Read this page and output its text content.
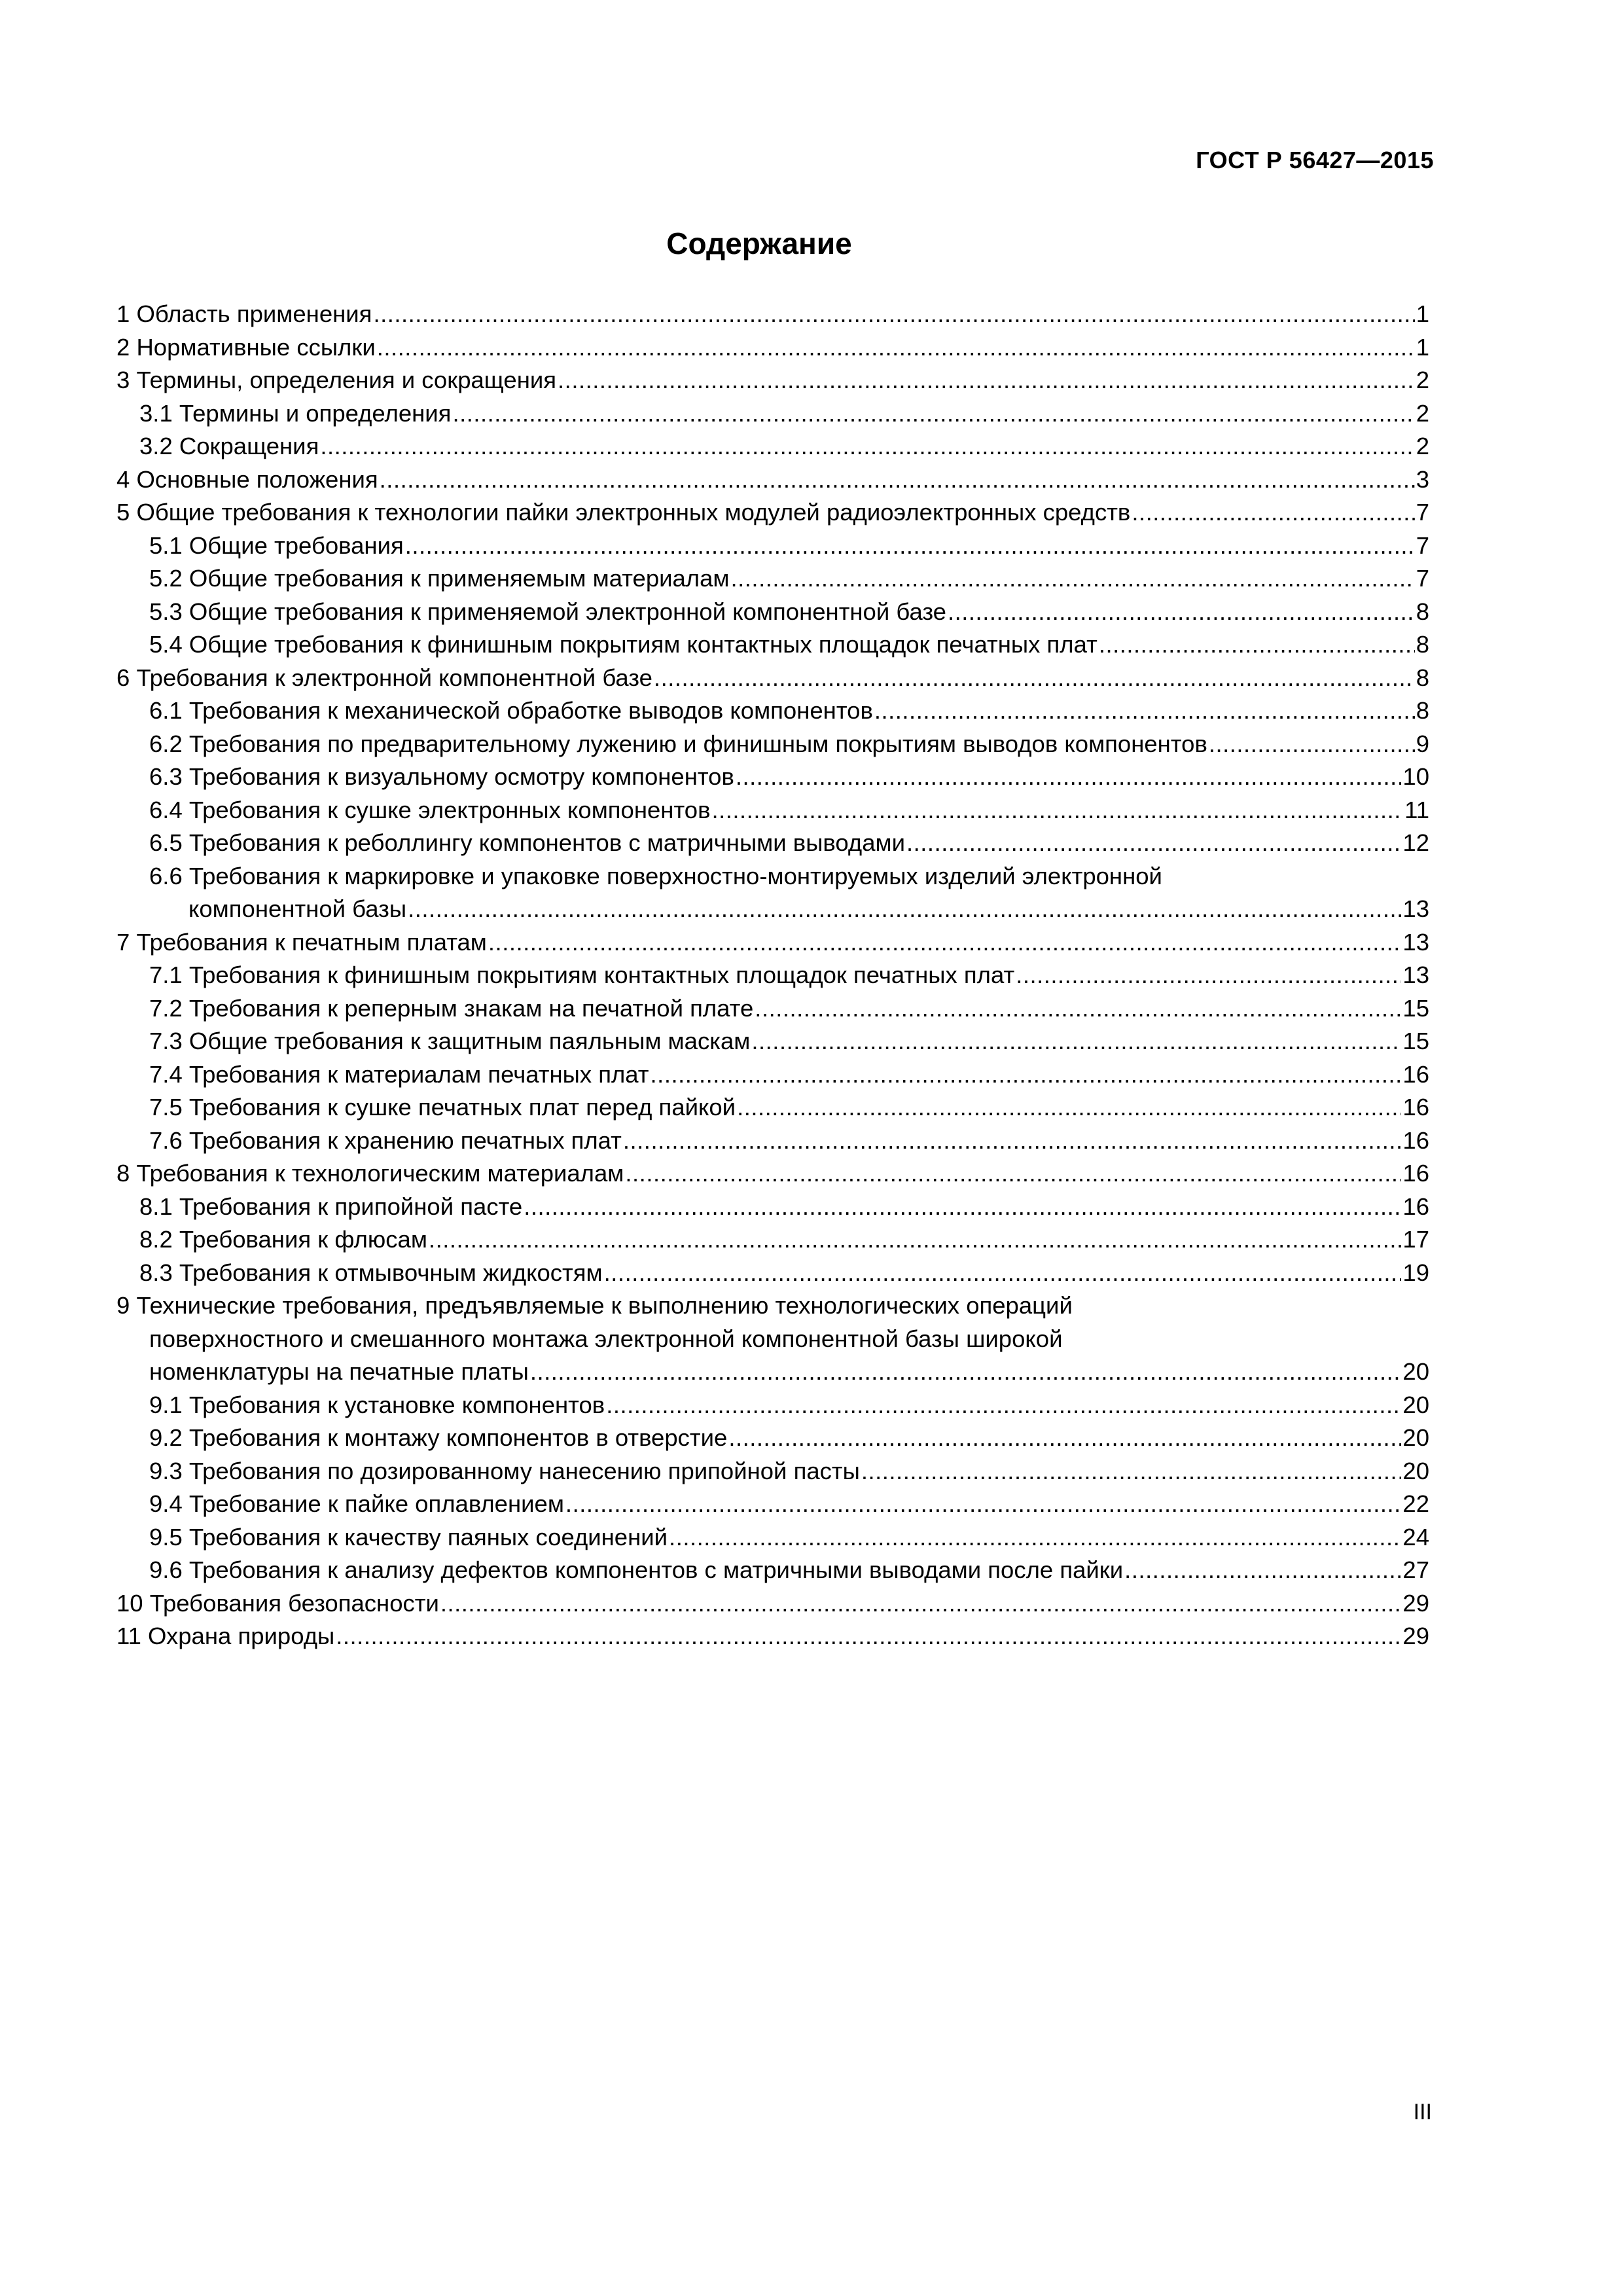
ГОСТ Р 56427—2015
Содержание
1 Область применения .....	1
2 Нормативные ссылки .....	1
3 Термины, определения и сокращения .....	2
3.1 Термины и определения .....	2
3.2 Сокращения .....	2
4 Основные положения .....	3
5 Общие требования к технологии пайки электронных модулей радиоэлектронных средств .....	7
5.1 Общие требования .....	7
5.2 Общие требования к применяемым материалам .....	7
5.3 Общие требования к применяемой электронной компонентной базе .....	8
5.4 Общие требования к финишным покрытиям контактных площадок печатных плат .....	8
6 Требования к электронной компонентной базе .....	8
6.1 Требования к механической обработке выводов компонентов .....	8
6.2 Требования по предварительному лужению и финишным покрытиям выводов компонентов .....	9
6.3 Требования к визуальному осмотру компонентов .....	10
6.4 Требования к сушке электронных компонентов .....	11
6.5 Требования к реболлингу компонентов с матричными выводами .....	12
6.6 Требования к маркировке и упаковке поверхностно-монтируемых изделий электронной
компонентной базы .....	13
7 Требования к печатным платам .....	13
7.1 Требования к финишным покрытиям контактных площадок печатных плат .....	13
7.2 Требования к реперным знакам на печатной плате .....	15
7.3 Общие требования к защитным паяльным маскам .....	15
7.4 Требования к материалам печатных плат .....	16
7.5 Требования к сушке печатных плат перед пайкой .....	16
7.6 Требования к хранению печатных плат .....	16
8 Требования к технологическим материалам .....	16
8.1 Требования к припойной пасте .....	16
8.2 Требования к флюсам .....	17
8.3 Требования к отмывочным жидкостям .....	19
9 Технические требования, предъявляемые к выполнению технологических операций
поверхностного и смешанного монтажа электронной компонентной базы широкой
номенклатуры на печатные платы .....	20
9.1 Требования к установке компонентов .....	20
9.2 Требования к монтажу компонентов в отверстие .....	20
9.3 Требования по дозированному нанесению припойной пасты .....	20
9.4 Требование к пайке оплавлением .....	22
9.5 Требования к качеству паяных соединений .....	24
9.6 Требования к анализу дефектов компонентов с матричными выводами после пайки .....	27
10 Требования безопасности .....	29
11 Охрана природы .....	29
III
